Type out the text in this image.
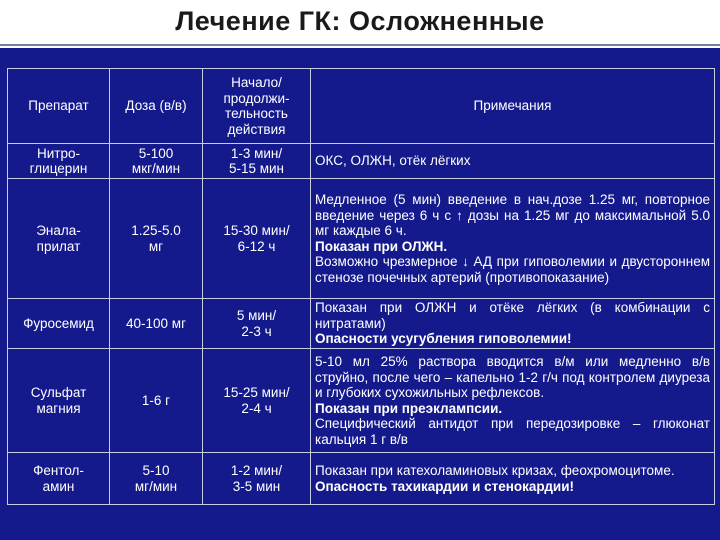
Лечение ГК: Осложненные
Препарат	Доза (в/в)	Начало/
продолжи-
тельность
действия	Примечания

Нитро-
глицерин	5-100
мкг/мин	1-3 мин/
5-15 мин	ОКС, ОЛЖН, отёк лёгких

Энала-
прилат	1.25-5.0
мг	15-30 мин/
6-12 ч	Медленное (5 мин) введение в нач.дозе 1.25 мг, повторное введение через 6 ч с ↑ дозы на 1.25 мг до максимальной 5.0 мг каждые 6 ч.
Показан при ОЛЖН.
Возможно чрезмерное ↓ АД при гиповолемии и двустороннем стенозе почечных артерий (противопоказание)

Фуросемид	40-100 мг	5 мин/
2-3 ч	Показан при ОЛЖН и отёке лёгких (в комбинации с нитратами)
Опасности усугубления гиповолемии!

Сульфат
магния	1-6 г	15-25 мин/
2-4 ч	5-10 мл 25% раствора вводится в/м или медленно в/в струйно, после чего – капельно 1-2 г/ч под контролем диуреза и глубоких сухожильных рефлексов.
Показан при преэклампсии.
Специфический антидот при передозировке – глюконат кальция 1 г в/в

Фентол-
амин	5-10
мг/мин	1-2 мин/
3-5 мин	Показан при катехоламиновых кризах, феохромоцитоме.
Опасность тахикардии и стенокардии!
